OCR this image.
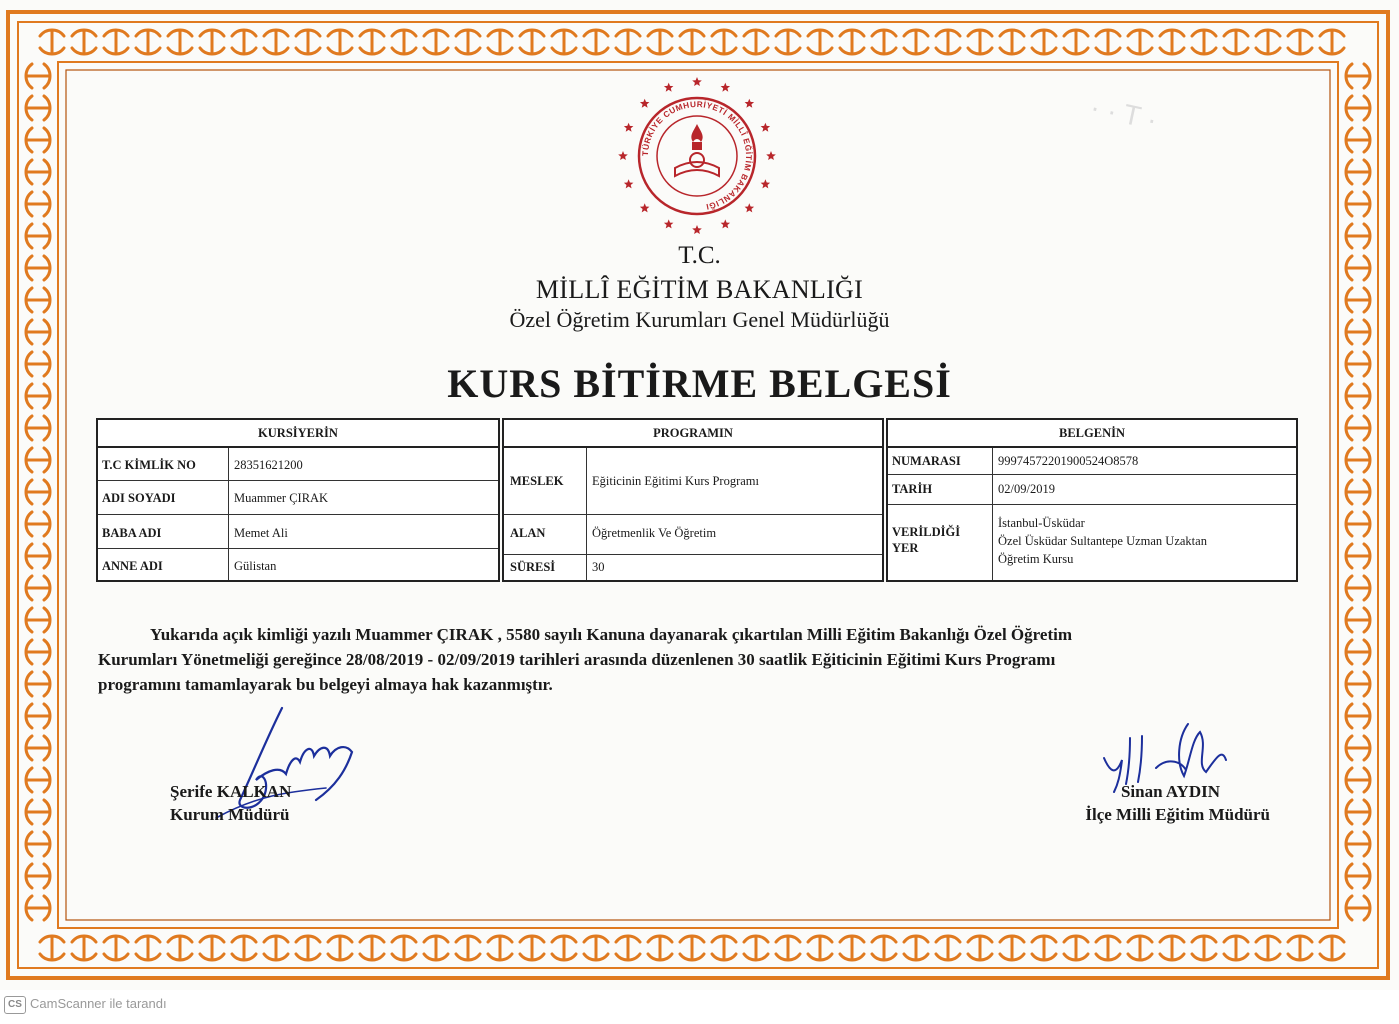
· · T ·
TÜRKİYE CUMHURİYETİ MİLLÎ EĞİTİM BAKANLIĞI
T.C.
MİLLÎ EĞİTİM BAKANLIĞI
Özel Öğretim Kurumları Genel Müdürlüğü
KURS BİTİRME BELGESİ
KURSİYERİN
T.C KİMLİK NO	28351621200
ADI SOYADI	Muammer ÇIRAK
BABA ADI	Memet Ali
ANNE ADI	Gülistan
PROGRAMIN
MESLEK Eğiticinin Eğitimi Kurs Programı
ALAN	Öğretmenlik Ve Öğretim
SÜRESİ	30
BELGENİN
NUMARASI	99974572201900524O8578
TARİH	02/09/2019
VERİLDİĞİ YER
İstanbul-Üsküdar
Özel Üsküdar Sultantepe Uzman Uzaktan
Öğretim Kursu
Yukarıda açık kimliği yazılı Muammer ÇIRAK , 5580 sayılı Kanuna dayanarak çıkartılan Milli Eğitim Bakanlığı Özel Öğretim
Kurumları Yönetmeliği gereğince 28/08/2019 - 02/09/2019 tarihleri arasında düzenlenen 30 saatlik Eğiticinin Eğitimi Kurs Programı
programını tamamlayarak bu belgeyi almaya hak kazanmıştır.
Şerife KALKAN
Kurum Müdürü
Sinan AYDIN
İlçe Milli Eğitim Müdürü
CS CamScanner ile tarandı
